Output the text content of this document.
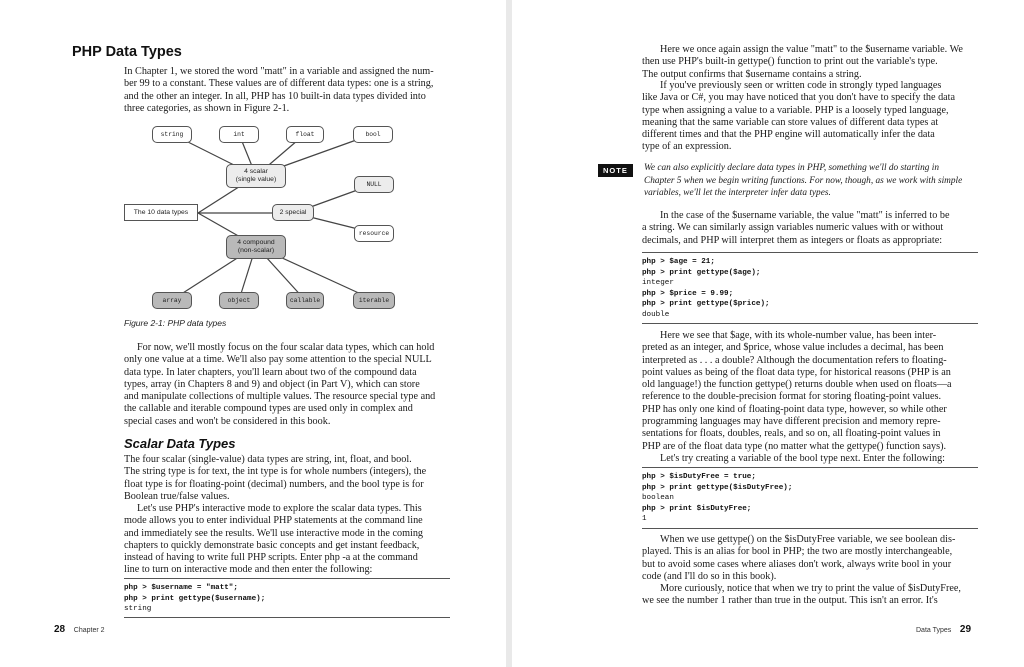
PHP Data Types
In Chapter 1, we stored the word "matt" in a variable and assigned the num-
ber 99 to a constant. These values are of different data types: one is a string,
and the other an integer. In all, PHP has 10 built-in data types divided into
three categories, as shown in Figure 2-1.
string	int	float	bool
4 scalar
(single value)
NULL
The 10 data types	2 special
resource
4 compound
(non-scalar)
array	object	callable	iterable
Figure 2-1: PHP data types
For now, we'll mostly focus on the four scalar data types, which can hold
only one value at a time. We'll also pay some attention to the special NULL
data type. In later chapters, you'll learn about two of the compound data
types, array (in Chapters 8 and 9) and object (in Part V), which can store
and manipulate collections of multiple values. The resource special type and
the callable and iterable compound types are used only in complex and
special cases and won't be considered in this book.
Scalar Data Types
The four scalar (single-value) data types are string, int, float, and bool.
The string type is for text, the int type is for whole numbers (integers), the
float type is for floating-point (decimal) numbers, and the bool type is for
Boolean true/false values.
Let's use PHP's interactive mode to explore the scalar data types. This
mode allows you to enter individual PHP statements at the command line
and immediately see the results. We'll use interactive mode in the coming
chapters to quickly demonstrate basic concepts and get instant feedback,
instead of having to write full PHP scripts. Enter php -a at the command
line to turn on interactive mode and then enter the following:
php > $username = "matt";
php > print gettype($username);
string
28 Chapter 2
Here we once again assign the value "matt" to the $username variable. We
then use PHP's built-in gettype() function to print out the variable's type.
The output confirms that $username contains a string.
If you've previously seen or written code in strongly typed languages
like Java or C#, you may have noticed that you don't have to specify the data
type when assigning a value to a variable. PHP is a loosely typed language,
meaning that the same variable can store values of different data types at
different times and that the PHP engine will automatically infer the data
type of an expression.
NOTE	We can also explicitly declare data types in PHP, something we'll do starting in
Chapter 5 when we begin writing functions. For now, though, as we work with simple
variables, we'll let the interpreter infer data types.
In the case of the $username variable, the value "matt" is inferred to be
a string. We can similarly assign variables numeric values with or without
decimals, and PHP will interpret them as integers or floats as appropriate:
php > $age = 21;
php > print gettype($age);
integer
php > $price = 9.99;
php > print gettype($price);
double
Here we see that $age, with its whole-number value, has been inter-
preted as an integer, and $price, whose value includes a decimal, has been
interpreted as . . . a double? Although the documentation refers to floating-
point values as being of the float data type, for historical reasons (PHP is an
old language!) the function gettype() returns double when used on floats—a
reference to the double-precision format for storing floating-point values.
PHP has only one kind of floating-point data type, however, so while other
programming languages may have different precision and memory repre-
sentations for floats, doubles, reals, and so on, all floating-point values in
PHP are of the float data type (no matter what the gettype() function says).
Let's try creating a variable of the bool type next. Enter the following:
php > $isDutyFree = true;
php > print gettype($isDutyFree);
boolean
php > print $isDutyFree;
1
When we use gettype() on the $isDutyFree variable, we see boolean dis-
played. This is an alias for bool in PHP; the two are mostly interchangeable,
but to avoid some cases where aliases don't work, always write bool in your
code (and I'll do so in this book).
More curiously, notice that when we try to print the value of $isDutyFree,
we see the number 1 rather than true in the output. This isn't an error. It's
Data Types 29
